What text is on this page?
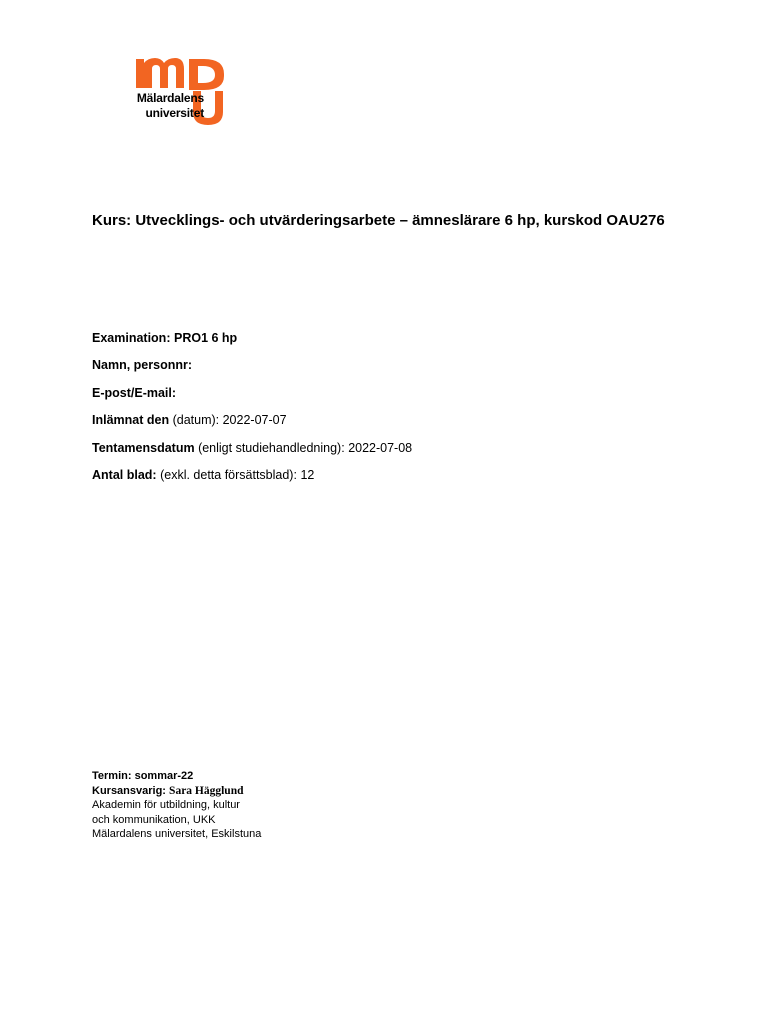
Mälardalens
universitet
Kurs: Utvecklings- och utvärderingsarbete – ämneslärare 6 hp, kurskod OAU276
Examination: PRO1 6 hp
Namn, personnr:
E-post/E-mail:
Inlämnat den (datum): 2022-07-07
Tentamensdatum (enligt studiehandledning): 2022-07-08
Antal blad: (exkl. detta försättsblad): 12
Termin: sommar-22
Kursansvarig: Sara Hägglund
Akademin för utbildning, kultur
och kommunikation, UKK
Mälardalens universitet, Eskilstuna
